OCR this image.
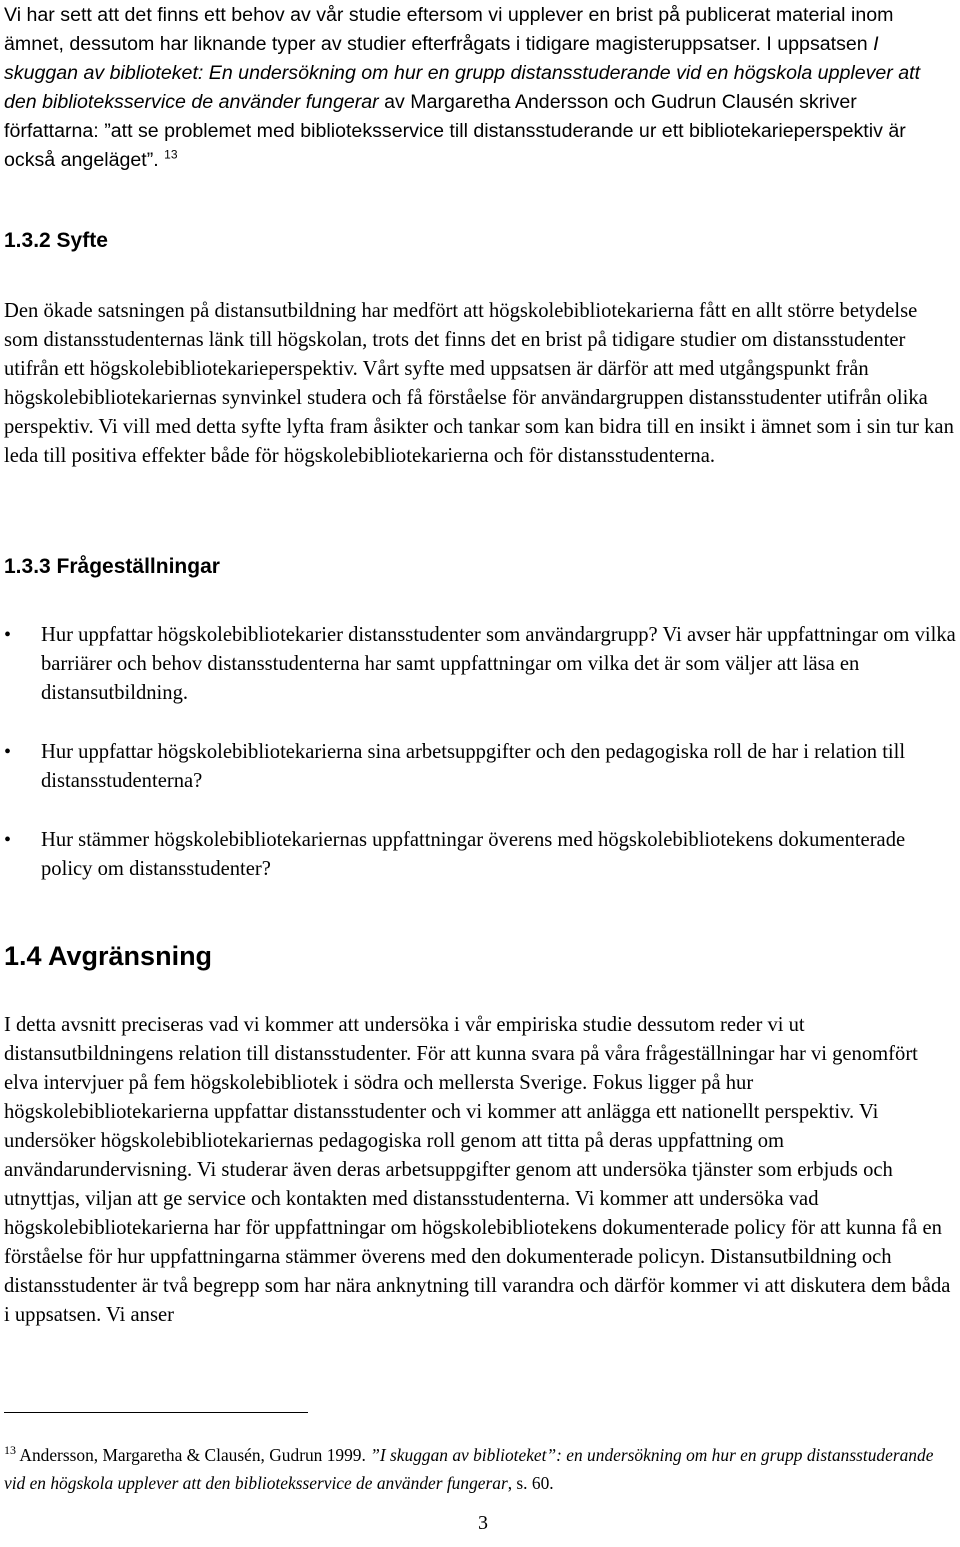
Vi har sett att det finns ett behov av vår studie eftersom vi upplever en brist på publicerat material inom ämnet, dessutom har liknande typer av studier efterfrågats i tidigare magisteruppsatser. I uppsatsen I skuggan av biblioteket: En undersökning om hur en grupp distansstuderande vid en högskola upplever att den biblioteksservice de använder fungerar av Margaretha Andersson och Gudrun Clausén skriver författarna: ”att se problemet med biblioteksservice till distansstuderande ur ett bibliotekarieperspektiv är också angeläget”. $^{13}$

1.3.2 Syfte

Den ökade satsningen på distansutbildning har medfört att högskolebibliotekarierna fått en allt större betydelse som distansstudenternas länk till högskolan, trots det finns det en brist på tidigare studier om distansstudenter utifrån ett högskolebibliotekarieperspektiv. Vårt syfte med uppsatsen är därför att med utgångspunkt från högskolebibliotekariernas synvinkel studera och få förståelse för användargruppen distansstudenter utifrån olika perspektiv. Vi vill med detta syfte lyfta fram åsikter och tankar som kan bidra till en insikt i ämnet som i sin tur kan leda till positiva effekter både för högskolebibliotekarierna och för distansstudenterna.

1.3.3 Frågeställningar
• Hur uppfattar högskolebibliotekarier distansstudenter som användargrupp? Vi avser här uppfattningar om vilka barriärer och behov distansstudenterna har samt uppfattningar om vilka det är som väljer att läsa en distansutbildning.
• Hur uppfattar högskolebibliotekarierna sina arbetsuppgifter och den pedagogiska roll de har i relation till distansstudenterna?
• Hur stämmer högskolebibliotekariernas uppfattningar överens med högskolebibliotekens dokumenterade policy om distansstudenter?
1.4 Avgränsning

I detta avsnitt preciseras vad vi kommer att undersöka i vår empiriska studie dessutom reder vi ut distansutbildningens relation till distansstudenter. För att kunna svara på våra frågeställningar har vi genomfört elva intervjuer på fem högskolebibliotek i södra och mellersta Sverige. Fokus ligger på hur högskolebibliotekarierna uppfattar distansstudenter och vi kommer att anlägga ett nationellt perspektiv. Vi undersöker högskolebibliotekariernas pedagogiska roll genom att titta på deras uppfattning om användarundervisning. Vi studerar även deras arbetsuppgifter genom att undersöka tjänster som erbjuds och utnyttjas, viljan att ge service och kontakten med distansstudenterna. Vi kommer att undersöka vad högskolebibliotekarierna har för uppfattningar om högskolebibliotekens dokumenterade policy för att kunna få en förståelse för hur uppfattningarna stämmer överens med den dokumenterade policyn. Distansutbildning och distansstudenter är två begrepp som har nära anknytning till varandra och därför kommer vi att diskutera dem båda i uppsatsen. Vi anser

$^{13}$ Andersson, Margaretha & Clausén, Gudrun 1999. ”I skuggan av biblioteket”: en undersökning om hur en grupp distansstuderande vid en högskola upplever att den biblioteksservice de använder fungerar, s. 60.

3
